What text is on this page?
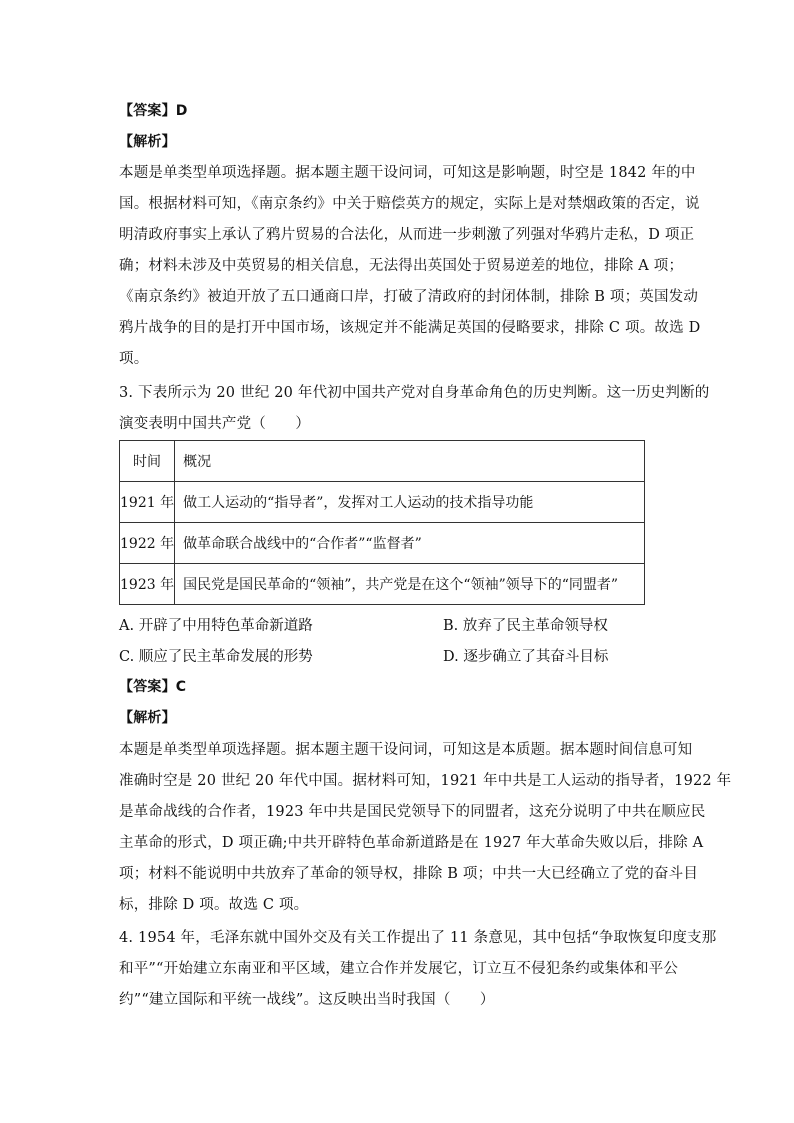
【答案】D
【解析】
本题是单类型单项选择题。据本题主题干设问词，可知这是影响题，时空是 1842 年的中
国。根据材料可知，《南京条约》中关于赔偿英方的规定，实际上是对禁烟政策的否定，说
明清政府事实上承认了鸦片贸易的合法化，从而进一步刺激了列强对华鸦片走私，D 项正
确；材料未涉及中英贸易的相关信息，无法得出英国处于贸易逆差的地位，排除 A 项；
《南京条约》被迫开放了五口通商口岸，打破了清政府的封闭体制，排除 B 项；英国发动
鸦片战争的目的是打开中国市场，该规定并不能满足英国的侵略要求，排除 C 项。故选 D
项。
3. 下表所示为 20 世纪 20 年代初中国共产党对自身革命角色的历史判断。这一历史判断的
演变表明中国共产党（　　）
时间	概况
1921 年	做工人运动的“指导者”，发挥对工人运动的技术指导功能
1922 年	做革命联合战线中的“合作者”“监督者”
1923 年	国民党是国民革命的“领袖”，共产党是在这个“领袖”领导下的“同盟者”
A. 开辟了中用特色革命新道路	B. 放弃了民主革命领导权
C. 顺应了民主革命发展的形势	D. 逐步确立了其奋斗目标
【答案】C
【解析】
本题是单类型单项选择题。据本题主题干设问词，可知这是本质题。据本题时间信息可知
准确时空是 20 世纪 20 年代中国。据材料可知，1921 年中共是工人运动的指导者，1922 年
是革命战线的合作者，1923 年中共是国民党领导下的同盟者，这充分说明了中共在顺应民
主革命的形式，D 项正确;中共开辟特色革命新道路是在 1927 年大革命失败以后，排除 A
项；材料不能说明中共放弃了革命的领导权，排除 B 项；中共一大已经确立了党的奋斗目
标，排除 D 项。故选 C 项。
4. 1954 年，毛泽东就中国外交及有关工作提出了 11 条意见，其中包括“争取恢复印度支那
和平”“开始建立东南亚和平区域，建立合作并发展它，订立互不侵犯条约或集体和平公
约”“建立国际和平统一战线”。这反映出当时我国（　　）
